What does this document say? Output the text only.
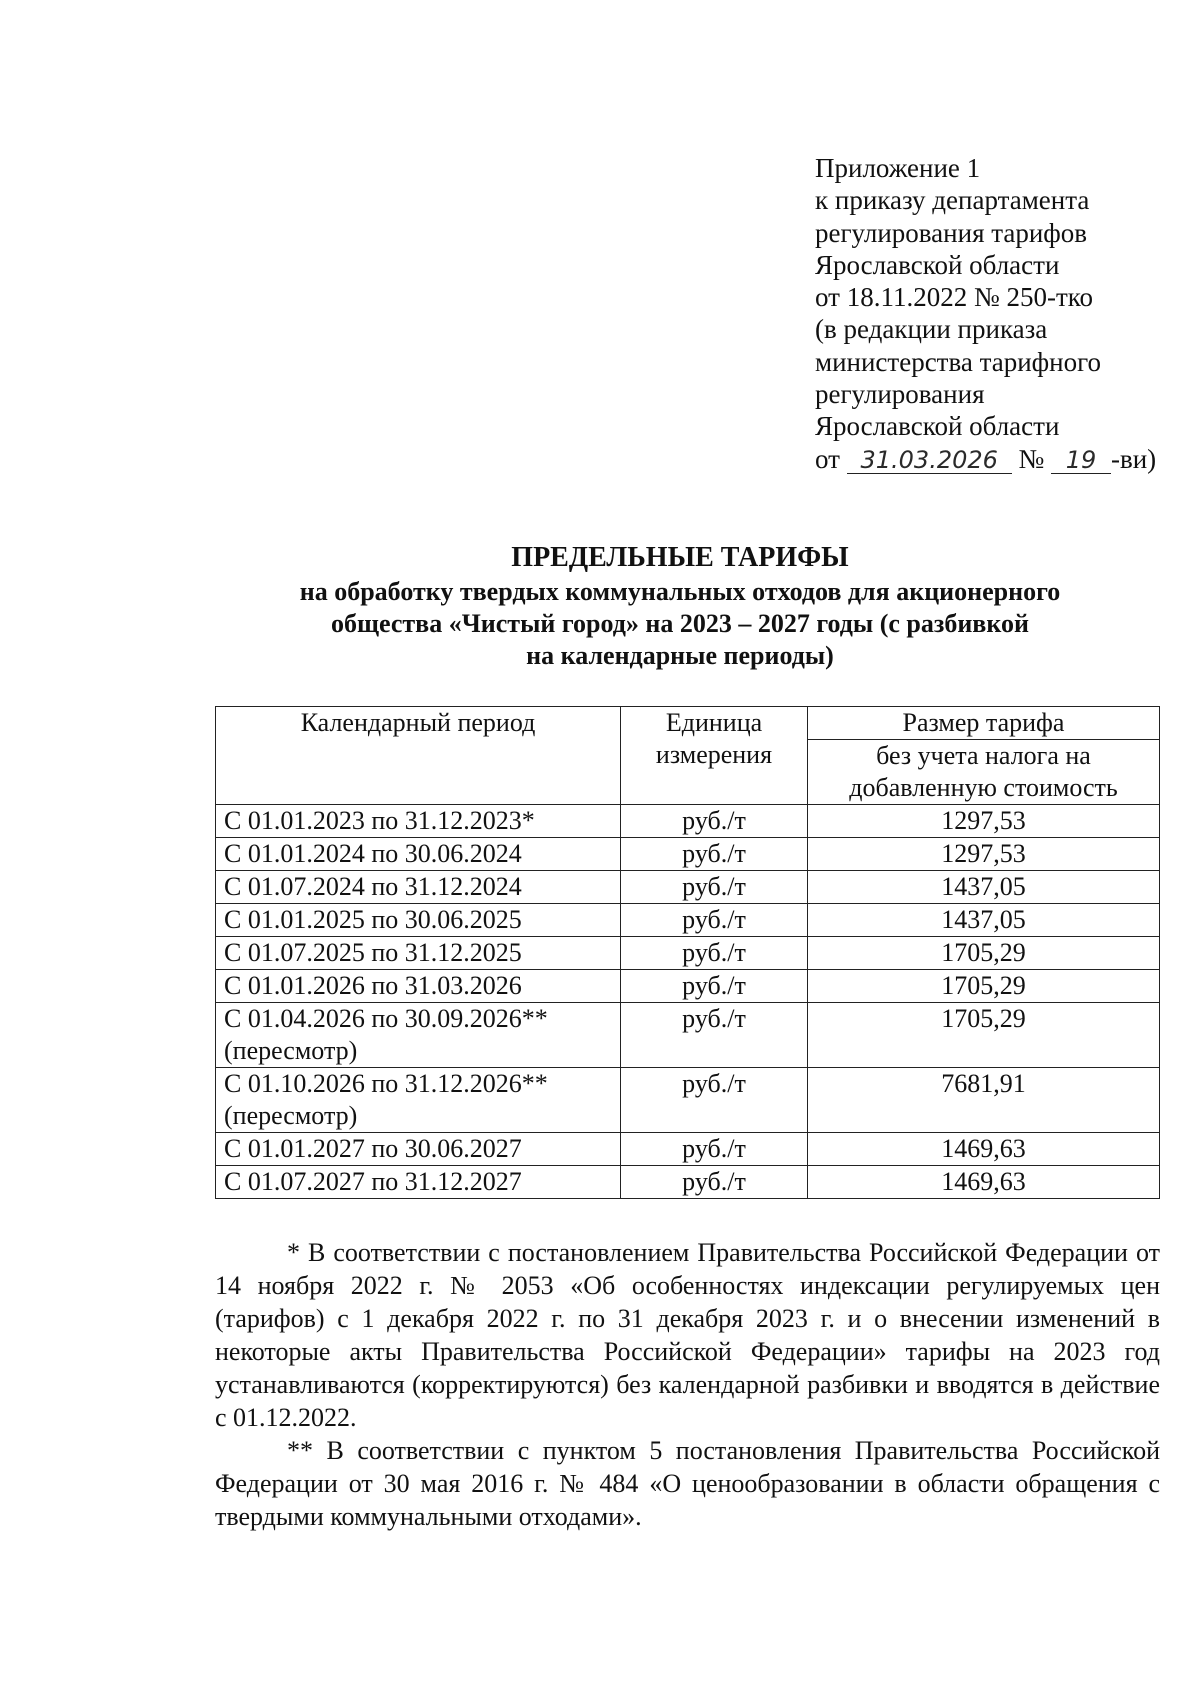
Приложение 1
к приказу департамента
регулирования тарифов
Ярославской области
от 18.11.2022 № 250-тко
(в редакции приказа
министерства тарифного
регулирования
Ярославской области
от 31.03.2026 № 19 -ви)
ПРЕДЕЛЬНЫЕ ТАРИФЫ
на обработку твердых коммунальных отходов для акционерного
общества «Чистый город» на 2023 – 2027 годы (с разбивкой
на календарные периоды)
Календарный период	Единица измерения	Размер тарифа
		без учета налога на добавленную стоимость
С 01.01.2023 по 31.12.2023*	руб./т	1297,53
С 01.01.2024 по 30.06.2024	руб./т	1297,53
С 01.07.2024 по 31.12.2024	руб./т	1437,05
С 01.01.2025 по 30.06.2025	руб./т	1437,05
С 01.07.2025 по 31.12.2025	руб./т	1705,29
С 01.01.2026 по 31.03.2026	руб./т	1705,29
С 01.04.2026 по 30.09.2026** (пересмотр)	руб./т	1705,29
С 01.10.2026 по 31.12.2026** (пересмотр)	руб./т	7681,91
С 01.01.2027 по 30.06.2027	руб./т	1469,63
С 01.07.2027 по 31.12.2027	руб./т	1469,63

* В соответствии с постановлением Правительства Российской Федерации от 14 ноября 2022 г. № 2053 «Об особенностях индексации регулируемых цен (тарифов) с 1 декабря 2022 г. по 31 декабря 2023 г. и о внесении изменений в некоторые акты Правительства Российской Федерации» тарифы на 2023 год устанавливаются (корректируются) без календарной разбивки и вводятся в действие с 01.12.2022.

** В соответствии с пунктом 5 постановления Правительства Российской Федерации от 30 мая 2016 г. № 484 «О ценообразовании в области обращения с твердыми коммунальными отходами».
